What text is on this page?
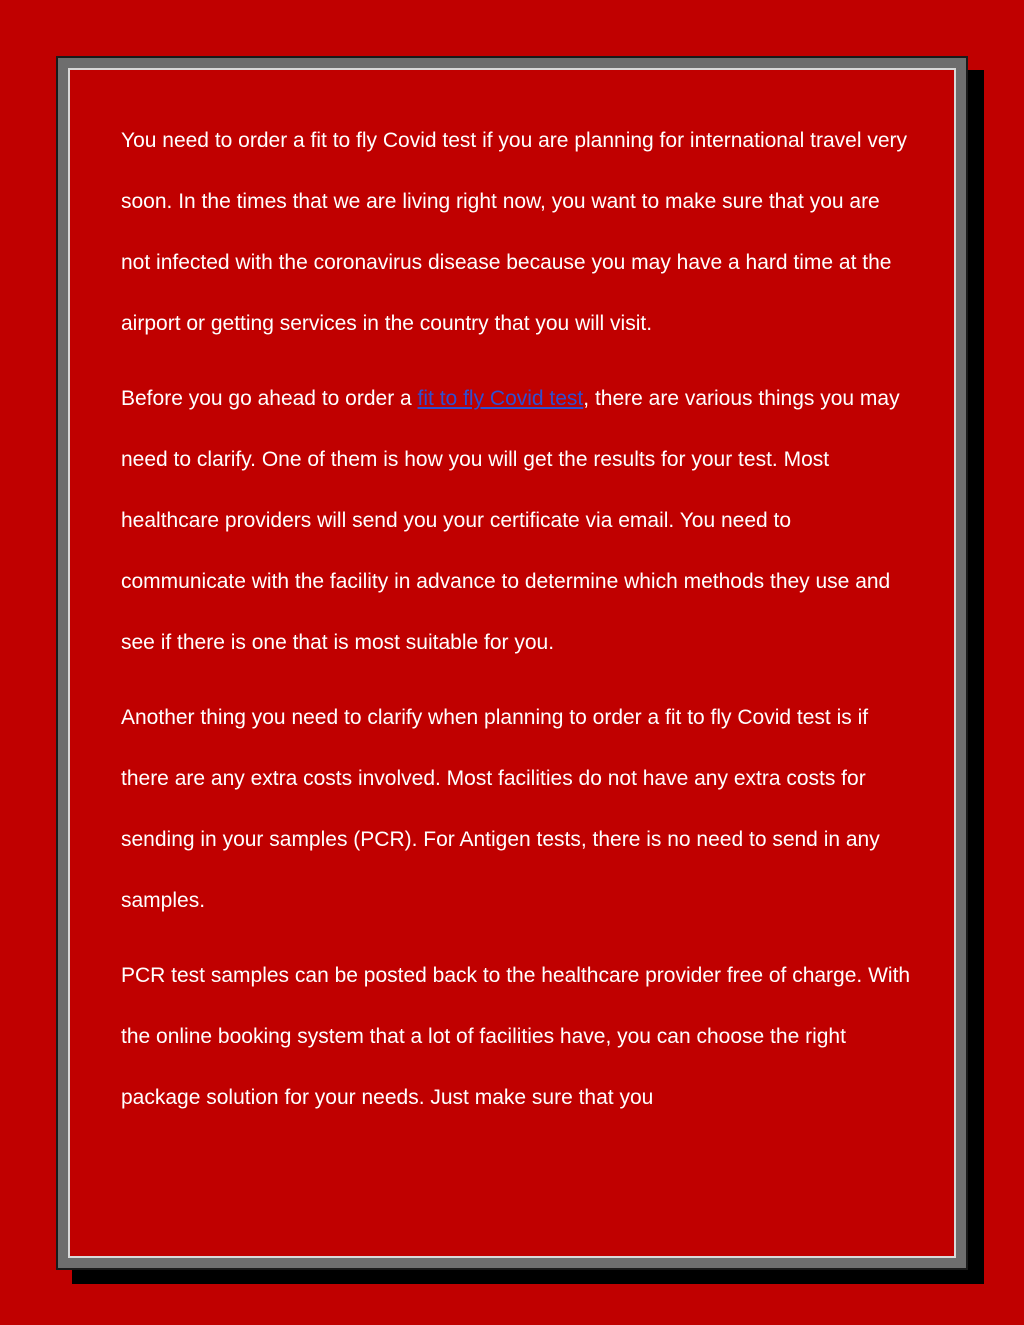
You need to order a fit to fly Covid test if you are planning for international travel very soon. In the times that we are living right now, you want to make sure that you are not infected with the coronavirus disease because you may have a hard time at the airport or getting services in the country that you will visit.

Before you go ahead to order a fit to fly Covid test, there are various things you may need to clarify. One of them is how you will get the results for your test. Most healthcare providers will send you your certificate via email. You need to communicate with the facility in advance to determine which methods they use and see if there is one that is most suitable for you.

Another thing you need to clarify when planning to order a fit to fly Covid test is if there are any extra costs involved. Most facilities do not have any extra costs for sending in your samples (PCR). For Antigen tests, there is no need to send in any samples.

PCR test samples can be posted back to the healthcare provider free of charge. With the online booking system that a lot of facilities have, you can choose the right package solution for your needs. Just make sure that you
